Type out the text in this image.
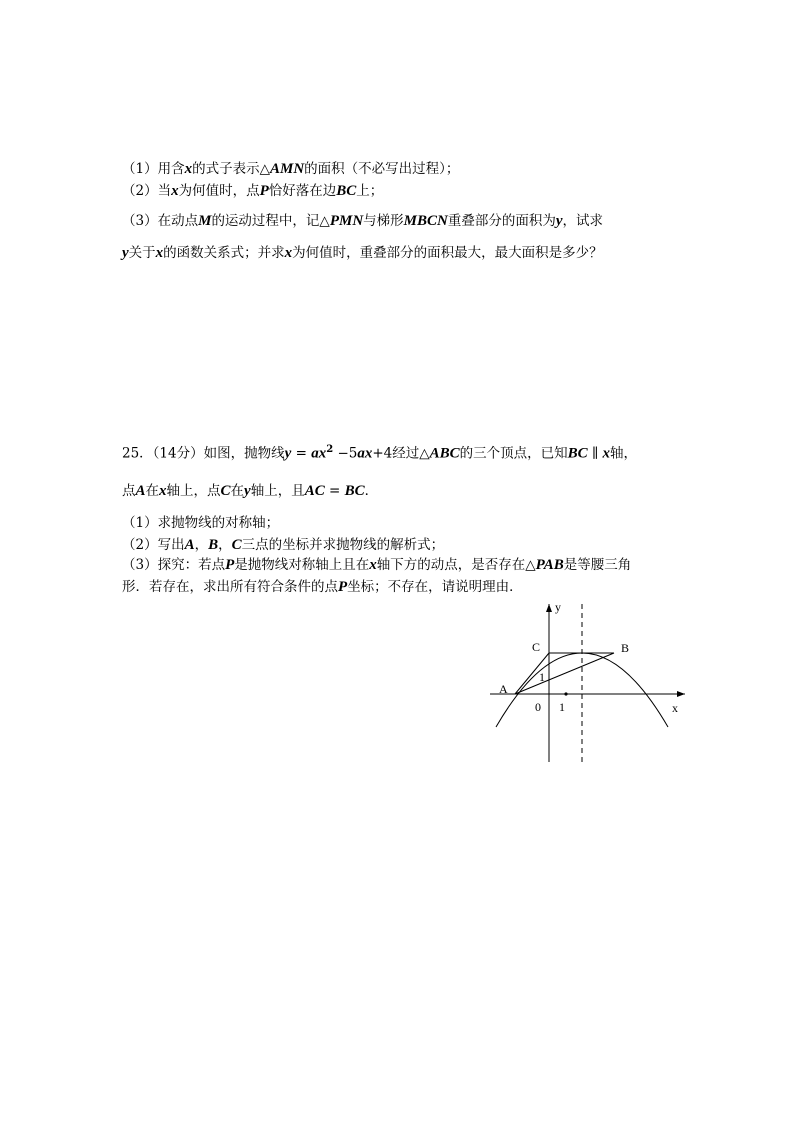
（1）用含x的式子表示△AMN的面积（不必写出过程）；
（2）当x为何值时，点P恰好落在边BC上；
（3）在动点M的运动过程中，记△PMN与梯形MBCN重叠部分的面积为y，试求
y关于x的函数关系式；并求x为何值时，重叠部分的面积最大，最大面积是多少？
25．（14分）如图，抛物线$y = ax^2 -5ax+4$经过△ABC的三个顶点，已知BC ∥ x轴，
点A在x轴上，点C在y轴上，且AC = BC．
（1）求抛物线的对称轴；
（2）写出A，B，C三点的坐标并求抛物线的解析式；
（3）探究：若点P是抛物线对称轴上且在x轴下方的动点，是否存在△PAB是等腰三角
形．若存在，求出所有符合条件的点P坐标；不存在，请说明理由．
y
x
A
B
C
0 1
1
